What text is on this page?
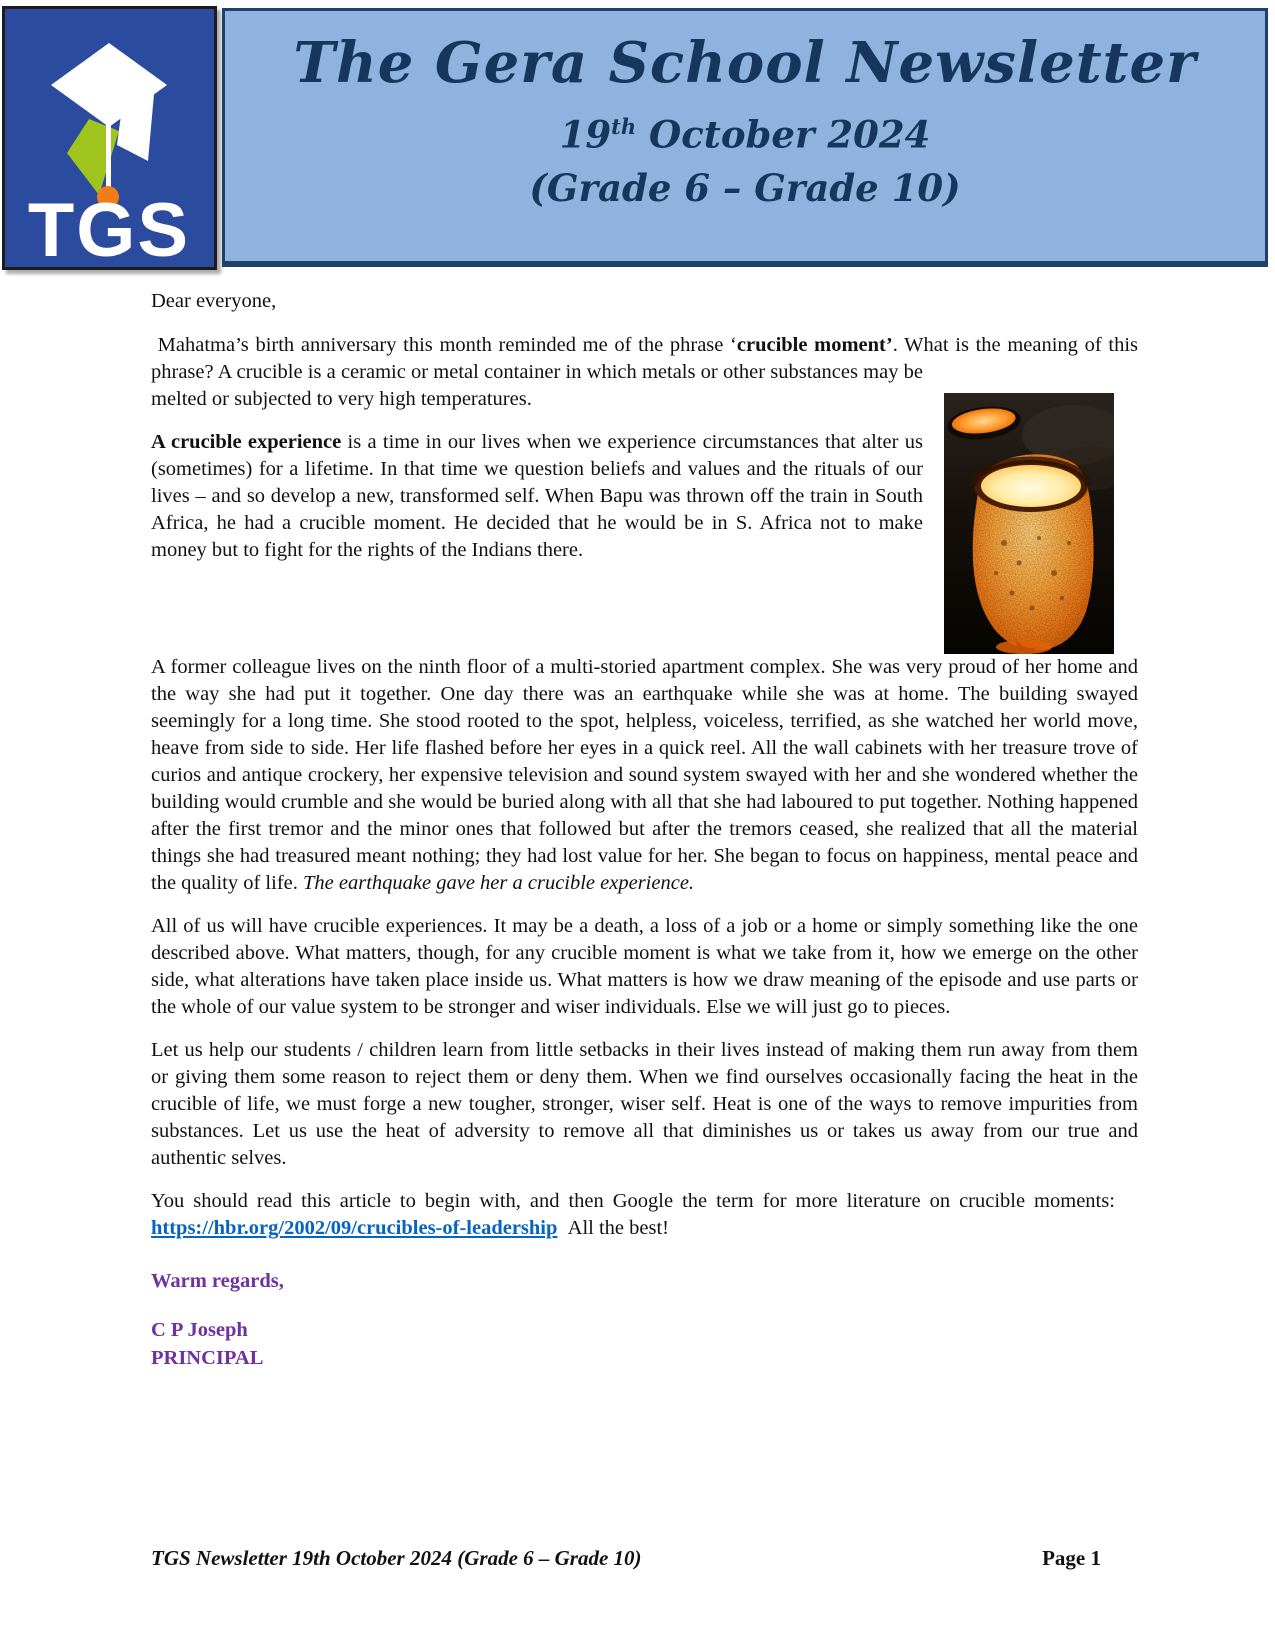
TGS
The Gera School Newsletter
19th October 2024
(Grade 6 – Grade 10)

Dear everyone,

Mahatma’s birth anniversary this month reminded me of the phrase ‘crucible moment’. What
is the meaning of this phrase? A crucible is a ceramic or metal container in which metals or other substances may be melted or subjected to very high temperatures.

A crucible experience is a time in our lives when we experience circumstances that alter us (sometimes) for a lifetime. In that time we question beliefs and values and the rituals of our lives – and so develop a new, transformed self. When Bapu was thrown off the train in South Africa, he had a crucible moment. He decided that he would be in S. Africa not to make money but to fight for the rights of the Indians there.

A former colleague lives on the ninth floor of a multi-storied apartment complex. She was very proud of her home and the way she had put it together. One day there was an earthquake while she was at home. The building swayed seemingly for a long time. She stood rooted to the spot, helpless, voiceless, terrified, as she watched her world move, heave from side to side. Her life flashed before her eyes in a quick reel. All the wall cabinets with her treasure trove of curios and antique crockery, her expensive television and sound system swayed with her and she wondered whether the building would crumble and she would be buried along with all that she had laboured to put together. Nothing happened after the first tremor and the minor ones that followed but after the tremors ceased, she realized that all the material things she had treasured meant nothing; they had lost value for her. She began to focus on happiness, mental peace and the quality of life. The earthquake gave her a crucible experience.

All of us will have crucible experiences. It may be a death, a loss of a job or a home or simply something like the one described above. What matters, though, for any crucible moment is what we take from it, how we emerge on the other side, what alterations have taken place inside us. What matters is how we draw meaning of the episode and use parts or the whole of our value system to be stronger and wiser individuals. Else we will just go to pieces.

Let us help our students / children learn from little setbacks in their lives instead of making them run away from them or giving them some reason to reject them or deny them. When we find ourselves occasionally facing the heat in the crucible of life, we must forge a new tougher, stronger, wiser self. Heat is one of the ways to remove impurities from substances. Let us use the heat of adversity to remove all that diminishes us or takes us away from our true and authentic selves.

You should read this article to begin with, and then Google the term for more literature on crucible moments:    https://hbr.org/2002/09/crucibles-of-leadership  All the best!

Warm regards,

C P Joseph
PRINCIPAL

TGS Newsletter 19th October 2024 (Grade 6 – Grade 10)	Page 1
